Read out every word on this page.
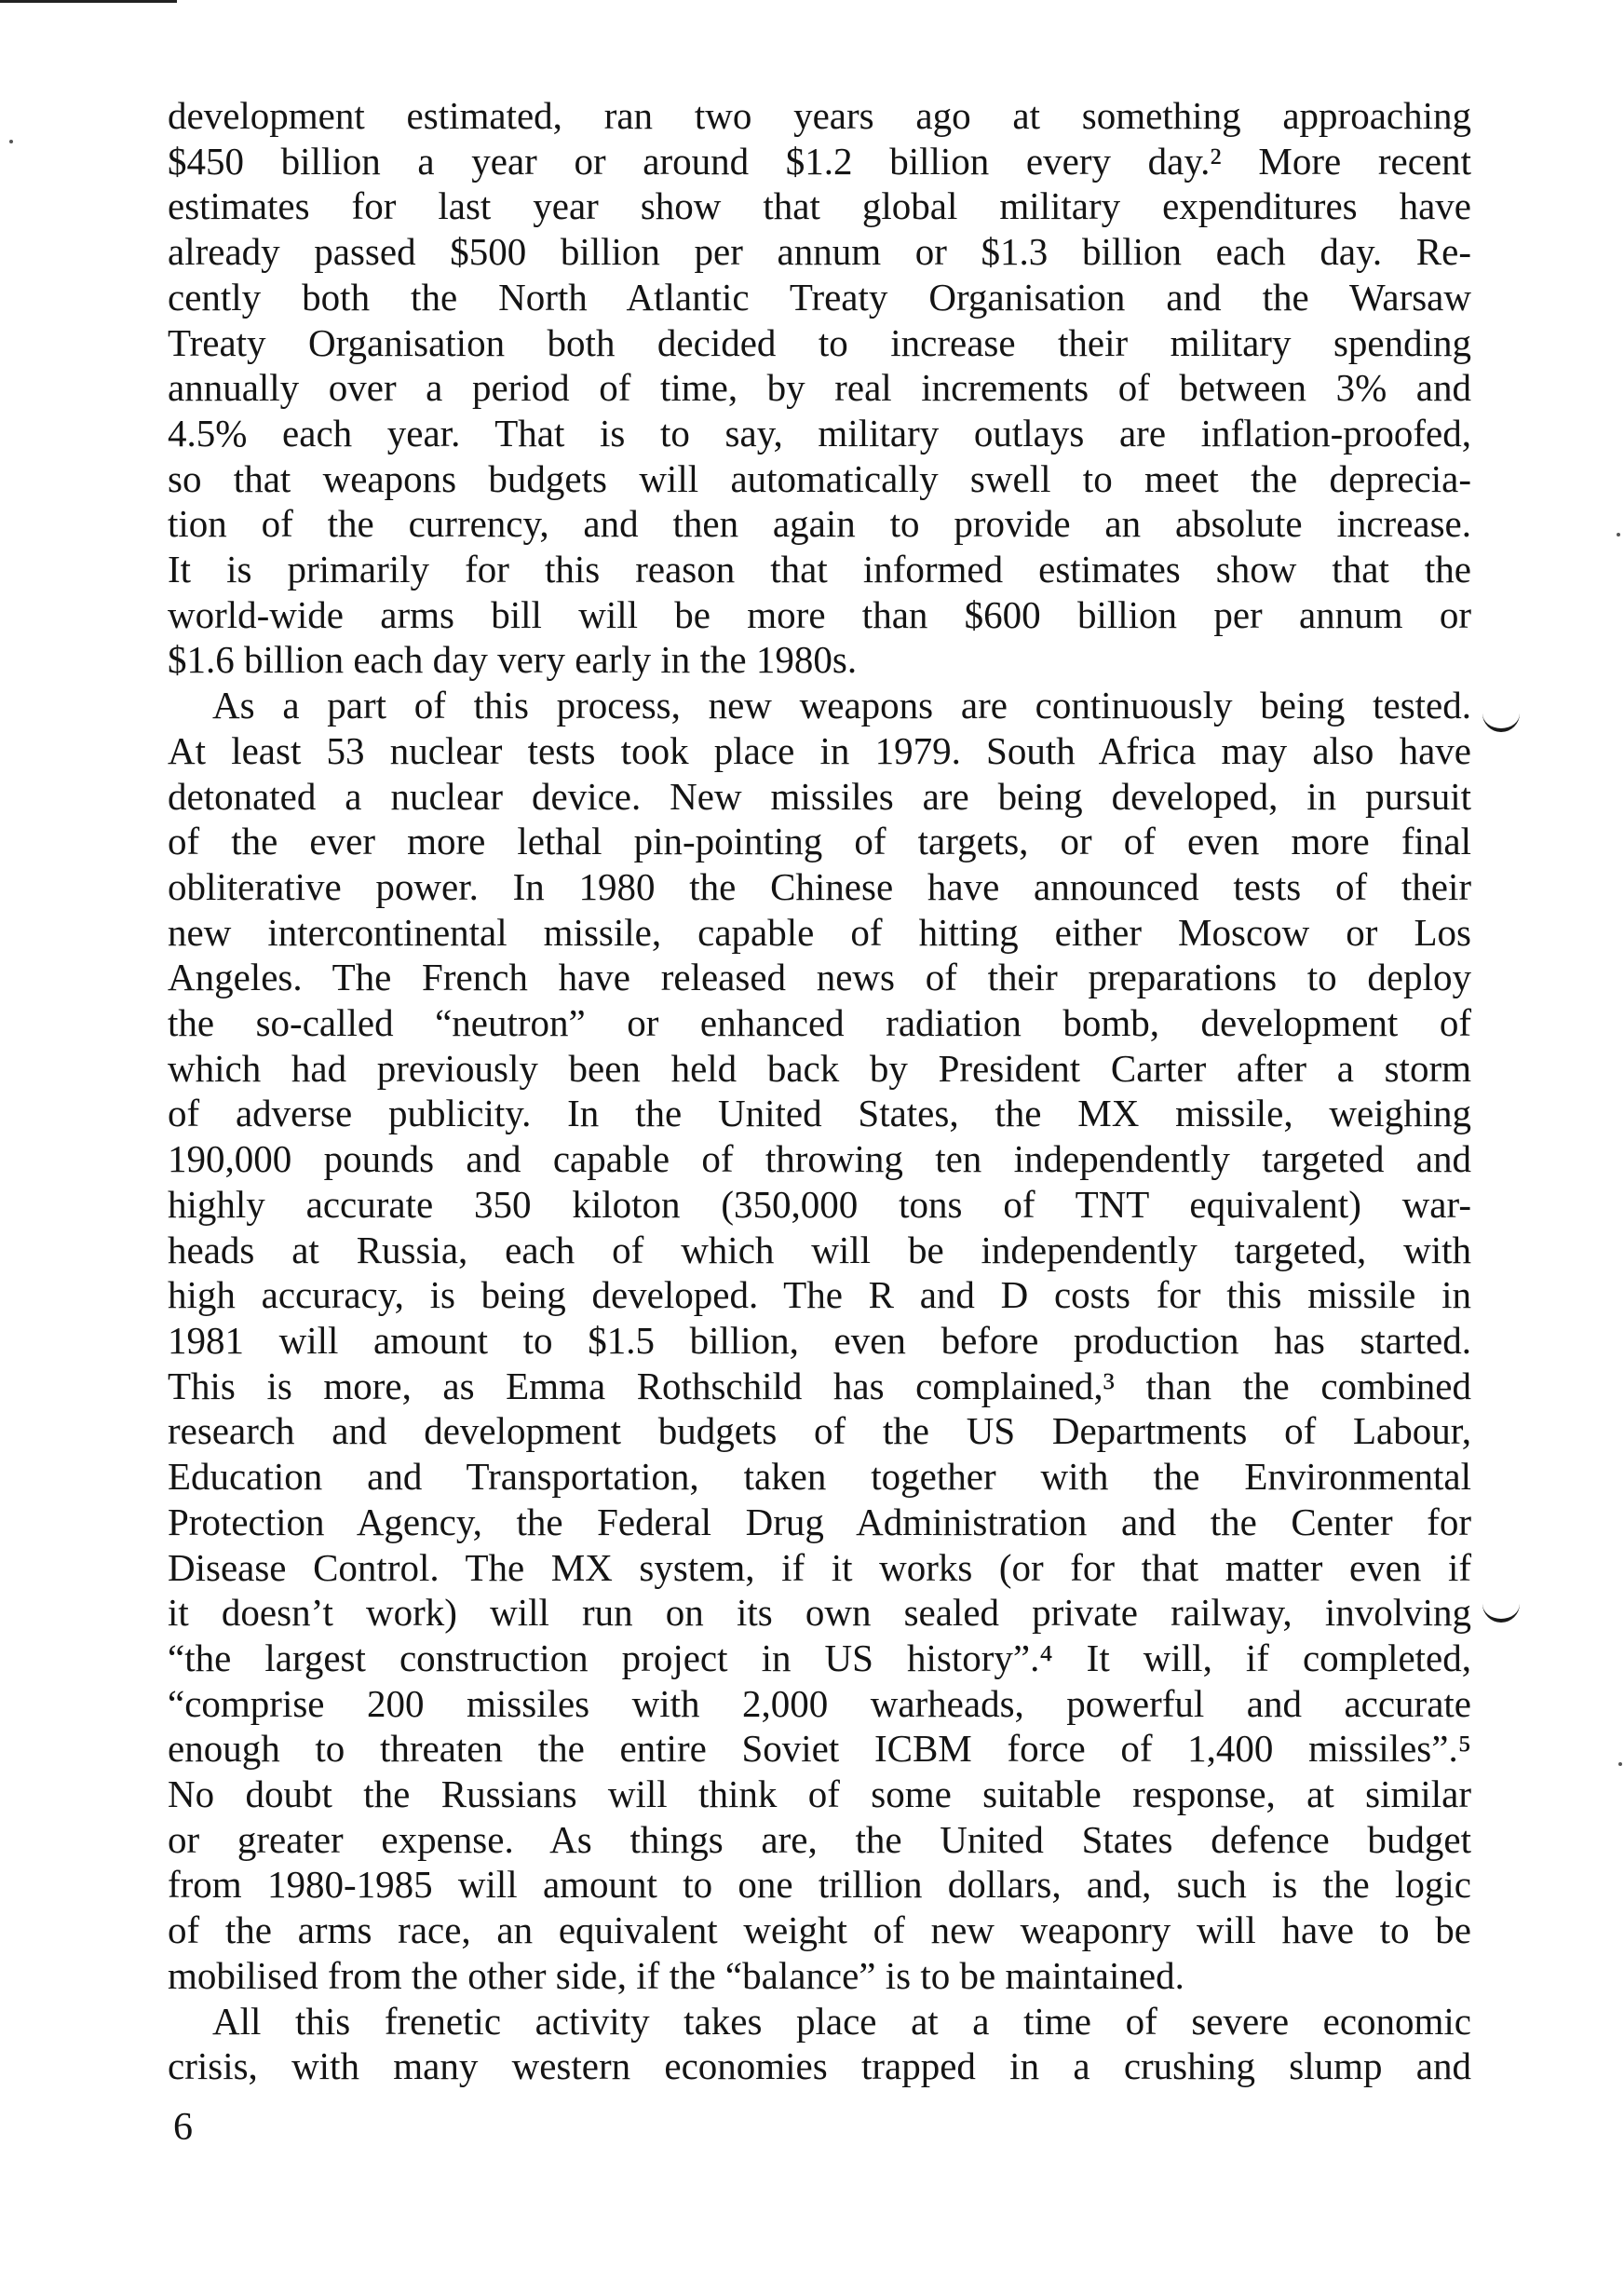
development estimated, ran two years ago at something approaching
$450 billion a year or around $1.2 billion every day.² More recent
estimates for last year show that global military expenditures have
already passed $500 billion per annum or $1.3 billion each day. Re-
cently both the North Atlantic Treaty Organisation and the Warsaw
Treaty Organisation both decided to increase their military spending
annually over a period of time, by real increments of between 3% and
4.5% each year. That is to say, military outlays are inflation-proofed,
so that weapons budgets will automatically swell to meet the deprecia-
tion of the currency, and then again to provide an absolute increase.
It is primarily for this reason that informed estimates show that the
world-wide arms bill will be more than $600 billion per annum or
$1.6 billion each day very early in the 1980s.

As a part of this process, new weapons are continuously being tested.
At least 53 nuclear tests took place in 1979. South Africa may also have
detonated a nuclear device. New missiles are being developed, in pursuit
of the ever more lethal pin-pointing of targets, or of even more final
obliterative power. In 1980 the Chinese have announced tests of their
new intercontinental missile, capable of hitting either Moscow or Los
Angeles. The French have released news of their preparations to deploy
the so-called “neutron” or enhanced radiation bomb, development of
which had previously been held back by President Carter after a storm
of adverse publicity. In the United States, the MX missile, weighing
190,000 pounds and capable of throwing ten independently targeted and
highly accurate 350 kiloton (350,000 tons of TNT equivalent) war-
heads at Russia, each of which will be independently targeted, with
high accuracy, is being developed. The R and D costs for this missile in
1981 will amount to $1.5 billion, even before production has started.
This is more, as Emma Rothschild has complained,³ than the combined
research and development budgets of the US Departments of Labour,
Education and Transportation, taken together with the Environmental
Protection Agency, the Federal Drug Administration and the Center for
Disease Control. The MX system, if it works (or for that matter even if
it doesn’t work) will run on its own sealed private railway, involving
“the largest construction project in US history”.⁴ It will, if completed,
“comprise 200 missiles with 2,000 warheads, powerful and accurate
enough to threaten the entire Soviet ICBM force of 1,400 missiles”.⁵
No doubt the Russians will think of some suitable response, at similar
or greater expense. As things are, the United States defence budget
from 1980-1985 will amount to one trillion dollars, and, such is the logic
of the arms race, an equivalent weight of new weaponry will have to be
mobilised from the other side, if the “balance” is to be maintained.

All this frenetic activity takes place at a time of severe economic
crisis, with many western economies trapped in a crushing slump and

6
